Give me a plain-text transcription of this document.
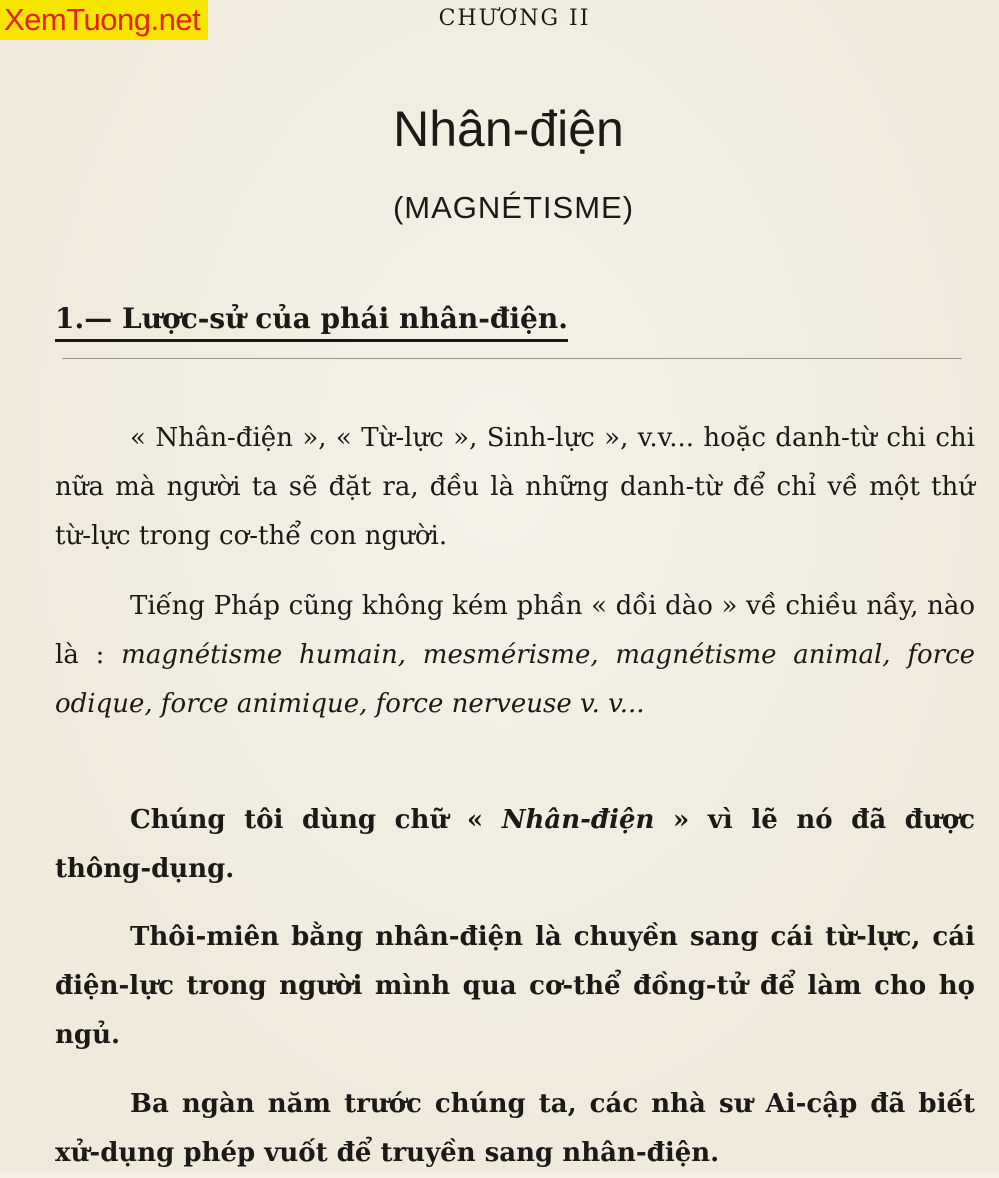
XemTuong.net	CHƯƠNG II
Nhân-điện
(MAGNÉTISME)
1.— Lược-sử của phái nhân-điện.

« Nhân-điện », « Từ-lực », Sinh-lực », v.v... hoặc danh-từ chi chi nữa mà người ta sẽ đặt ra, đều là những danh-từ để chỉ về một thứ từ-lực trong cơ-thể con người.

Tiếng Pháp cũng không kém phần « dồi dào » về chiều nầy, nào là : magnétisme humain, mesmérisme, magnétisme animal, force odique, force animique, force nerveuse v. v...

Chúng tôi dùng chữ « Nhân-điện » vì lẽ nó đã được thông-dụng.

Thôi-miên bằng nhân-điện là chuyền sang cái từ-lực, cái điện-lực trong người mình qua cơ-thể đồng-tử để làm cho họ ngủ.

Ba ngàn năm trước chúng ta, các nhà sư Ai-cập đã biết xử-dụng phép vuốt để truyền sang nhân-điện.
